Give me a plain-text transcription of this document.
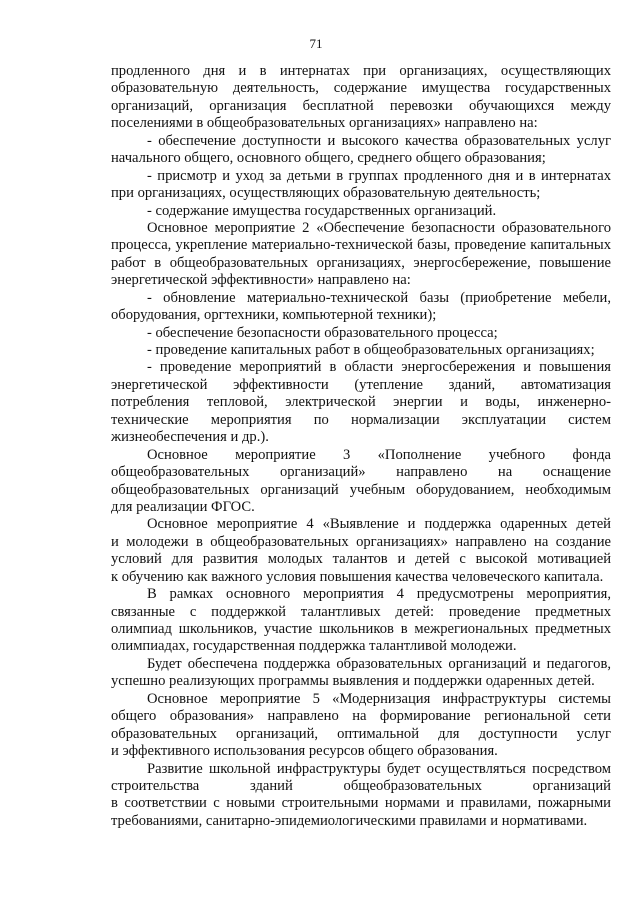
71
продленного дня и в интернатах при организациях, осуществляющих
образовательную деятельность, содержание имущества государственных
организаций, организация бесплатной перевозки обучающихся между
поселениями в общеобразовательных организациях» направлено на:
- обеспечение доступности и высокого качества образовательных услуг
начального общего, основного общего, среднего общего образования;
- присмотр и уход за детьми в группах продленного дня и в интернатах
при организациях, осуществляющих образовательную деятельность;
- содержание имущества государственных организаций.
Основное мероприятие 2 «Обеспечение безопасности образовательного
процесса, укрепление материально-технической базы, проведение капитальных
работ в общеобразовательных организациях, энергосбережение, повышение
энергетической эффективности» направлено на:
- обновление материально-технической базы (приобретение мебели,
оборудования, оргтехники, компьютерной техники);
- обеспечение безопасности образовательного процесса;
- проведение капитальных работ в общеобразовательных организациях;
- проведение мероприятий в области энергосбережения и повышения
энергетической эффективности (утепление зданий, автоматизация
потребления тепловой, электрической энергии и воды, инженерно-
технические мероприятия по нормализации эксплуатации систем
жизнеобеспечения и др.).
Основное мероприятие 3 «Пополнение учебного фонда
общеобразовательных организаций» направлено на оснащение
общеобразовательных организаций учебным оборудованием, необходимым
для реализации ФГОС.
Основное мероприятие 4 «Выявление и поддержка одаренных детей
и молодежи в общеобразовательных организациях» направлено на создание
условий для развития молодых талантов и детей с высокой мотивацией
к обучению как важного условия повышения качества человеческого капитала.
В рамках основного мероприятия 4 предусмотрены мероприятия,
связанные с поддержкой талантливых детей: проведение предметных
олимпиад школьников, участие школьников в межрегиональных предметных
олимпиадах, государственная поддержка талантливой молодежи.
Будет обеспечена поддержка образовательных организаций и педагогов,
успешно реализующих программы выявления и поддержки одаренных детей.
Основное мероприятие 5 «Модернизация инфраструктуры системы
общего образования» направлено на формирование региональной сети
образовательных организаций, оптимальной для доступности услуг
и эффективного использования ресурсов общего образования.
Развитие школьной инфраструктуры будет осуществляться посредством
строительства зданий общеобразовательных организаций
в соответствии с новыми строительными нормами и правилами, пожарными
требованиями, санитарно-эпидемиологическими правилами и нормативами.
